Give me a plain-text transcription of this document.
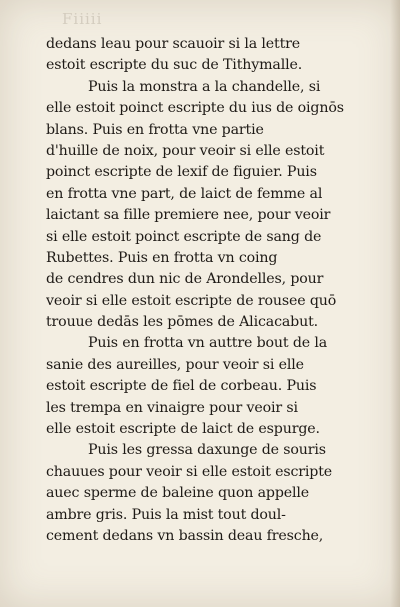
Fiiiii
dedans leau pour scauoir si la lettre
estoit escripte du suc de Tithymalle.
Puis la monstra a la chandelle, si
elle estoit poinct escripte du ius de oignōs
blans. Puis en frotta vne partie
d'huille de noix, pour veoir si elle estoit
poinct escripte de lexif de figuier. Puis
en frotta vne part, de laict de femme al
laictant sa fille premiere nee, pour veoir
si elle estoit poinct escripte de sang de
Rubettes. Puis en frotta vn coing
de cendres dun nic de Arondelles, pour
veoir si elle estoit escripte de rousee quō
trouue dedās les pōmes de Alicacabut.
Puis en frotta vn auttre bout de la
sanie des aureilles, pour veoir si elle
estoit escripte de fiel de corbeau. Puis
les trempa en vinaigre pour veoir si
elle estoit escripte de laict de espurge.
Puis les gressa daxunge de souris
chauues pour veoir si elle estoit escripte
auec sperme de baleine quon appelle
ambre gris. Puis la mist tout doul-
cement dedans vn bassin deau fresche,
